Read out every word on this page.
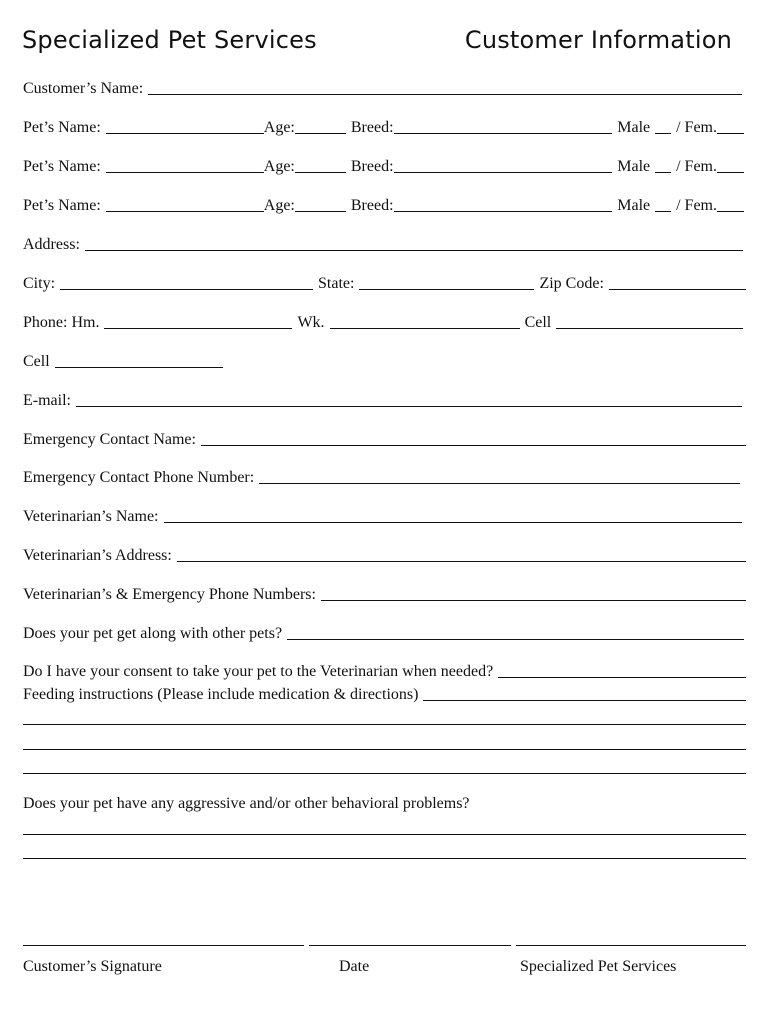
Specialized Pet Services	Customer Information
Customer’s Name:
Pet’s Name:	Age:	Breed:	Male / Fem.
Pet’s Name:	Age:	Breed:	Male / Fem.
Pet’s Name:	Age:	Breed:	Male / Fem.
Address:
City:	State:	Zip Code:
Phone: Hm.	Wk.	Cell
Cell
E-mail:
Emergency Contact Name:
Emergency Contact Phone Number:
Veterinarian’s Name:
Veterinarian’s Address:
Veterinarian’s & Emergency Phone Numbers:
Does your pet get along with other pets?
Do I have your consent to take your pet to the Veterinarian when needed?
Feeding instructions (Please include medication & directions)
Does your pet have any aggressive and/or other behavioral problems?
Customer’s Signature	Date	Specialized Pet Services
